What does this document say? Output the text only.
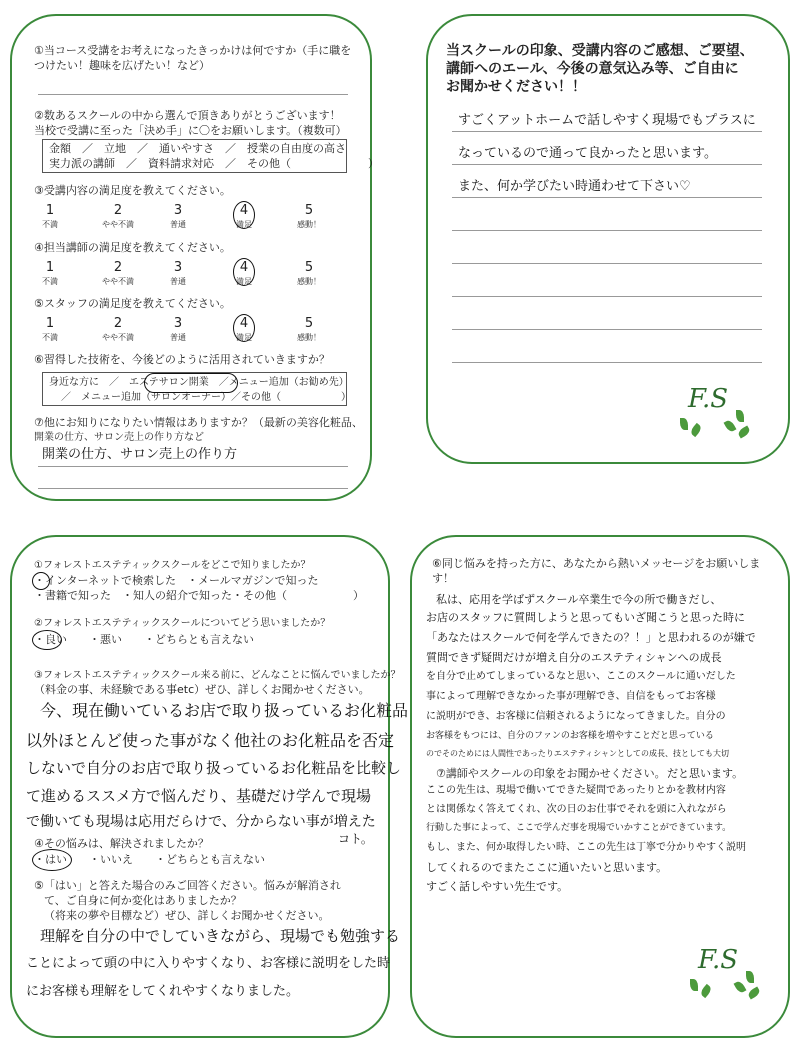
①当コース受講をお考えになったきっかけは何ですか（手に職を
つけたい！趣味を広げたい！など）
②数あるスクールの中から選んで頂きありがとうございます！
当校で受講に至った「決め手」に〇をお願いします。（複数可）
金額　／　立地　／　通いやすさ　／　授業の自由度の高さ
実力派の講師　／　資料請求対応　／　その他（　　　　　　　）
③受講内容の満足度を教えてください。
1	2	3	4	5
不満	やや不満	普通	満足	感動！
④担当講師の満足度を教えてください。
1	2	3	4	5
不満	やや不満	普通	満足	感動！
⑤スタッフの満足度を教えてください。
1	2	3	4	5
不満	やや不満	普通	満足	感動！
⑥習得した技術を、今後どのように活用されていきますか？
身近な方に　／　エステサロン開業　／メニュー追加（お勧め先）
／　メニュー追加（サロンオーナー）／その他（　　　　　　）
⑦他にお知りになりたい情報はありますか？（最新の美容化粧品、
開業の仕方、サロン売上の作り方など
開業の仕方、サロン売上の作り方
当スクールの印象、受講内容のご感想、ご要望、
講師へのエール、今後の意気込み等、ご自由に
お聞かせください！！
すごくアットホームで話しやすく現場でもプラスに
なっているので通って良かったと思います。
また、何か学びたい時通わせて下さい♡
F.S
①フォレストエステティックスクールをどこで知りましたか？
・インターネットで検索した　・メールマガジンで知った
・書籍で知った　・知人の紹介で知った・その他（　　　　　　）
②フォレストエステティックスクールについてどう思いましたか？
・良い　　・悪い　　・どちらとも言えない
③フォレストエステティックスクール来る前に、どんなことに悩んでいましたか？
（料金の事、未経験である事etc）ぜひ、詳しくお聞かせください。
今、現在働いているお店で取り扱っているお化粧品
以外ほとんど使った事がなく他社のお化粧品を否定
しないで自分のお店で取り扱っているお化粧品を比較し
て進めるススメ方で悩んだり、基礎だけ学んで現場
で働いても現場は応用だらけで、分からない事が増えた
コト。
④その悩みは、解決されましたか？
・はい　　・いいえ　　・どちらとも言えない
⑤「はい」と答えた場合のみご回答ください。悩みが解消され
て、ご自身に何か変化はありましたか？
（将来の夢や目標など）ぜひ、詳しくお聞かせください。
理解を自分の中でしていきながら、現場でも勉強する
ことによって頭の中に入りやすくなり、お客様に説明をした時
にお客様も理解をしてくれやすくなりました。
⑥同じ悩みを持った方に、あなたから熱いメッセージをお願いしま
す！
私は、応用を学ばずスクール卒業生で今の所で働きだし、
お店のスタッフに質問しようと思ってもいざ聞こうと思った時に
「あなたはスクールで何を学んできたの？！」と思われるのが嫌で
質問できず疑問だけが増え自分のエステティシャンへの成長
を自分で止めてしまっているなと思い、ここのスクールに通いだした
事によって理解できなかった事が理解でき、自信をもってお客様
に説明ができ、お客様に信頼されるようになってきました。自分の
お客様をもつには、自分のファンのお客様を増やすことだと思っている
のでそのためには人間性であったりエステティシャンとしての成長、技としても大切
⑦講師やスクールの印象をお聞かせください。 だと思います。
ここの先生は、現場で働いてできた疑問であったりとかを教材内容
とは関係なく答えてくれ、次の日のお仕事でそれを頭に入れながら
行動した事によって、ここで学んだ事を現場でいかすことができています。
もし、また、何か取得したい時、ここの先生は丁寧で分かりやすく説明
してくれるのでまたここに通いたいと思います。
すごく話しやすい先生です。
F.S
